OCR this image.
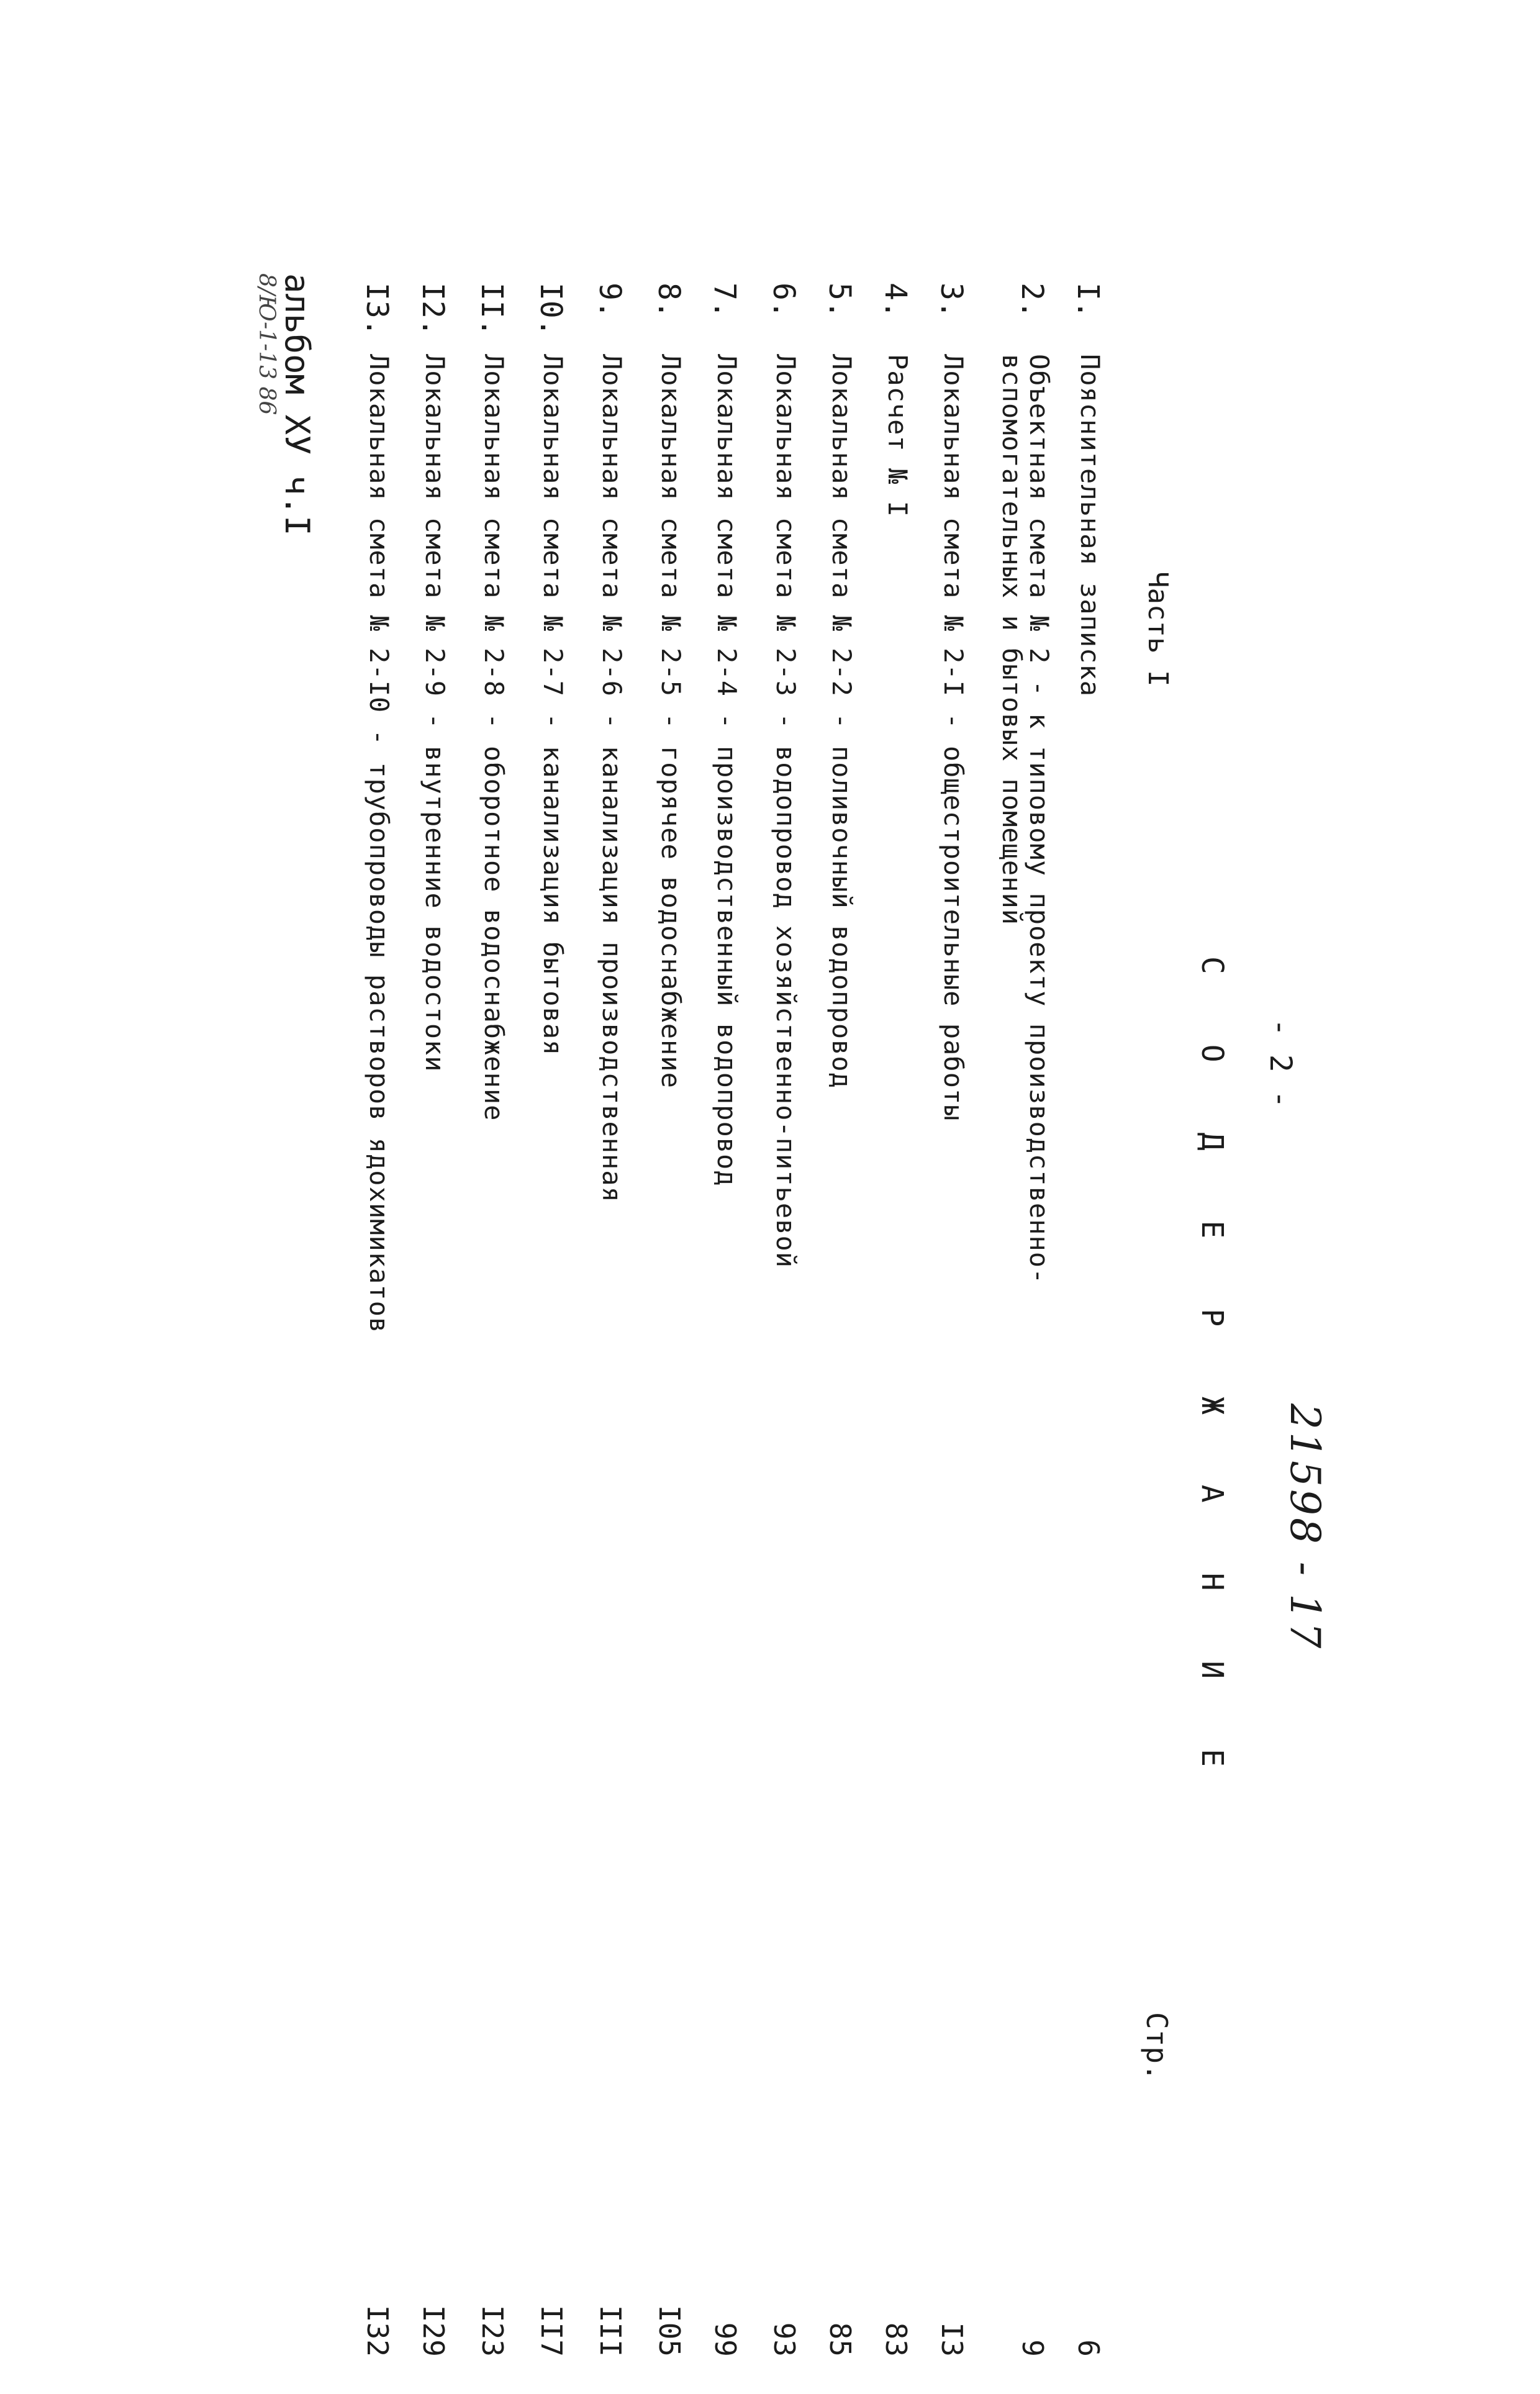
- 2 -
21598 - 17
С О Д Е Р Ж А Н И Е
Стр.
Часть I
альбом XУ ч.I
8/Ю-1-13 86	I.
Пояснительная записка
6
2.
Объектная смета № 2 - к типовому проекту производственно-
вспомогательных и бытовых помещений
9
3.
Локальная смета № 2-I - общестроительные работы
I3
4.
Расчет № I
83
5.
Локальная смета № 2-2 - поливочный водопровод
85
6.
Локальная смета № 2-3 - водопровод хозяйственно-питьевой
93
7.
Локальная смета № 2-4 - производственный водопровод
99
8.
Локальная смета № 2-5 - горячее водоснабжение
I05
9.
Локальная смета № 2-6 - канализация производственная
III
I0.
Локальная смета № 2-7 - канализация бытовая
II7
II.
Локальная смета № 2-8 - оборотное водоснабжение
I23
I2.
Локальная смета № 2-9 - внутренние водостоки
I29
I3.
Локальная смета № 2-I0 - трубопроводы растворов ядохимикатов
I32
